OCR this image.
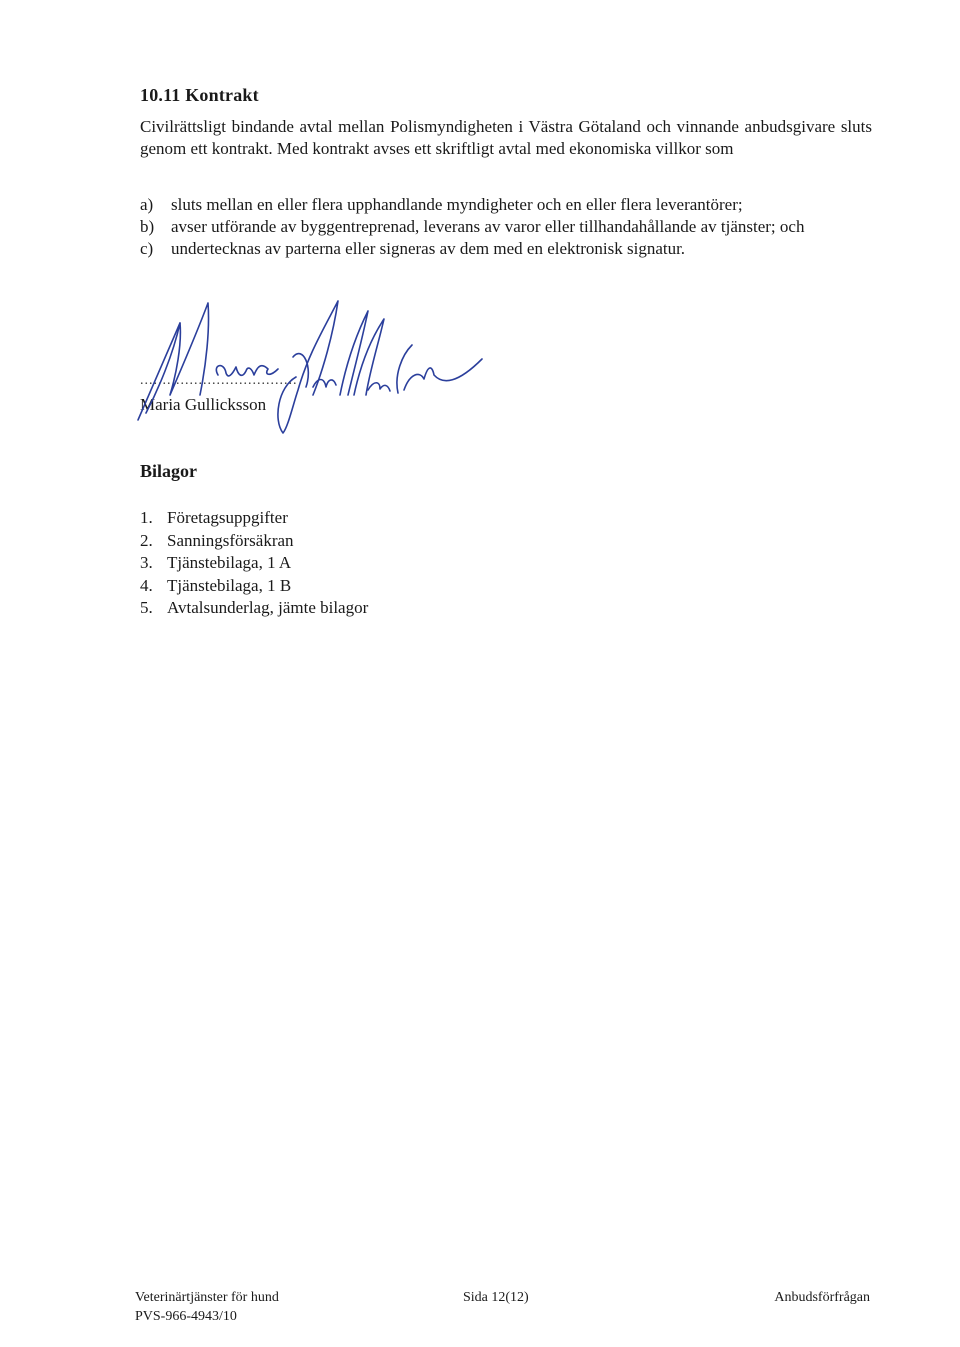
10.11 Kontrakt

Civilrättsligt bindande avtal mellan Polismyndigheten i Västra Götaland och vinnande anbudsgivare sluts genom ett kontrakt. Med kontrakt avses ett skriftligt avtal med ekonomiska villkor som

a) sluts mellan en eller flera upphandlande myndigheter och en eller flera leverantörer;
b) avser utförande av byggentreprenad, leverans av varor eller tillhandahållande av tjänster; och
c) undertecknas av parterna eller signeras av dem med en elektronisk signatur.
...................................
Maria Gullicksson
Bilagor
1. Företagsuppgifter
2. Sanningsförsäkran
3. Tjänstebilaga, 1 A
4. Tjänstebilaga, 1 B
5. Avtalsunderlag, jämte bilagor
Veterinärtjänster för hund
PVS-966-4943/10
Sida 12(12)	Anbudsförfrågan
